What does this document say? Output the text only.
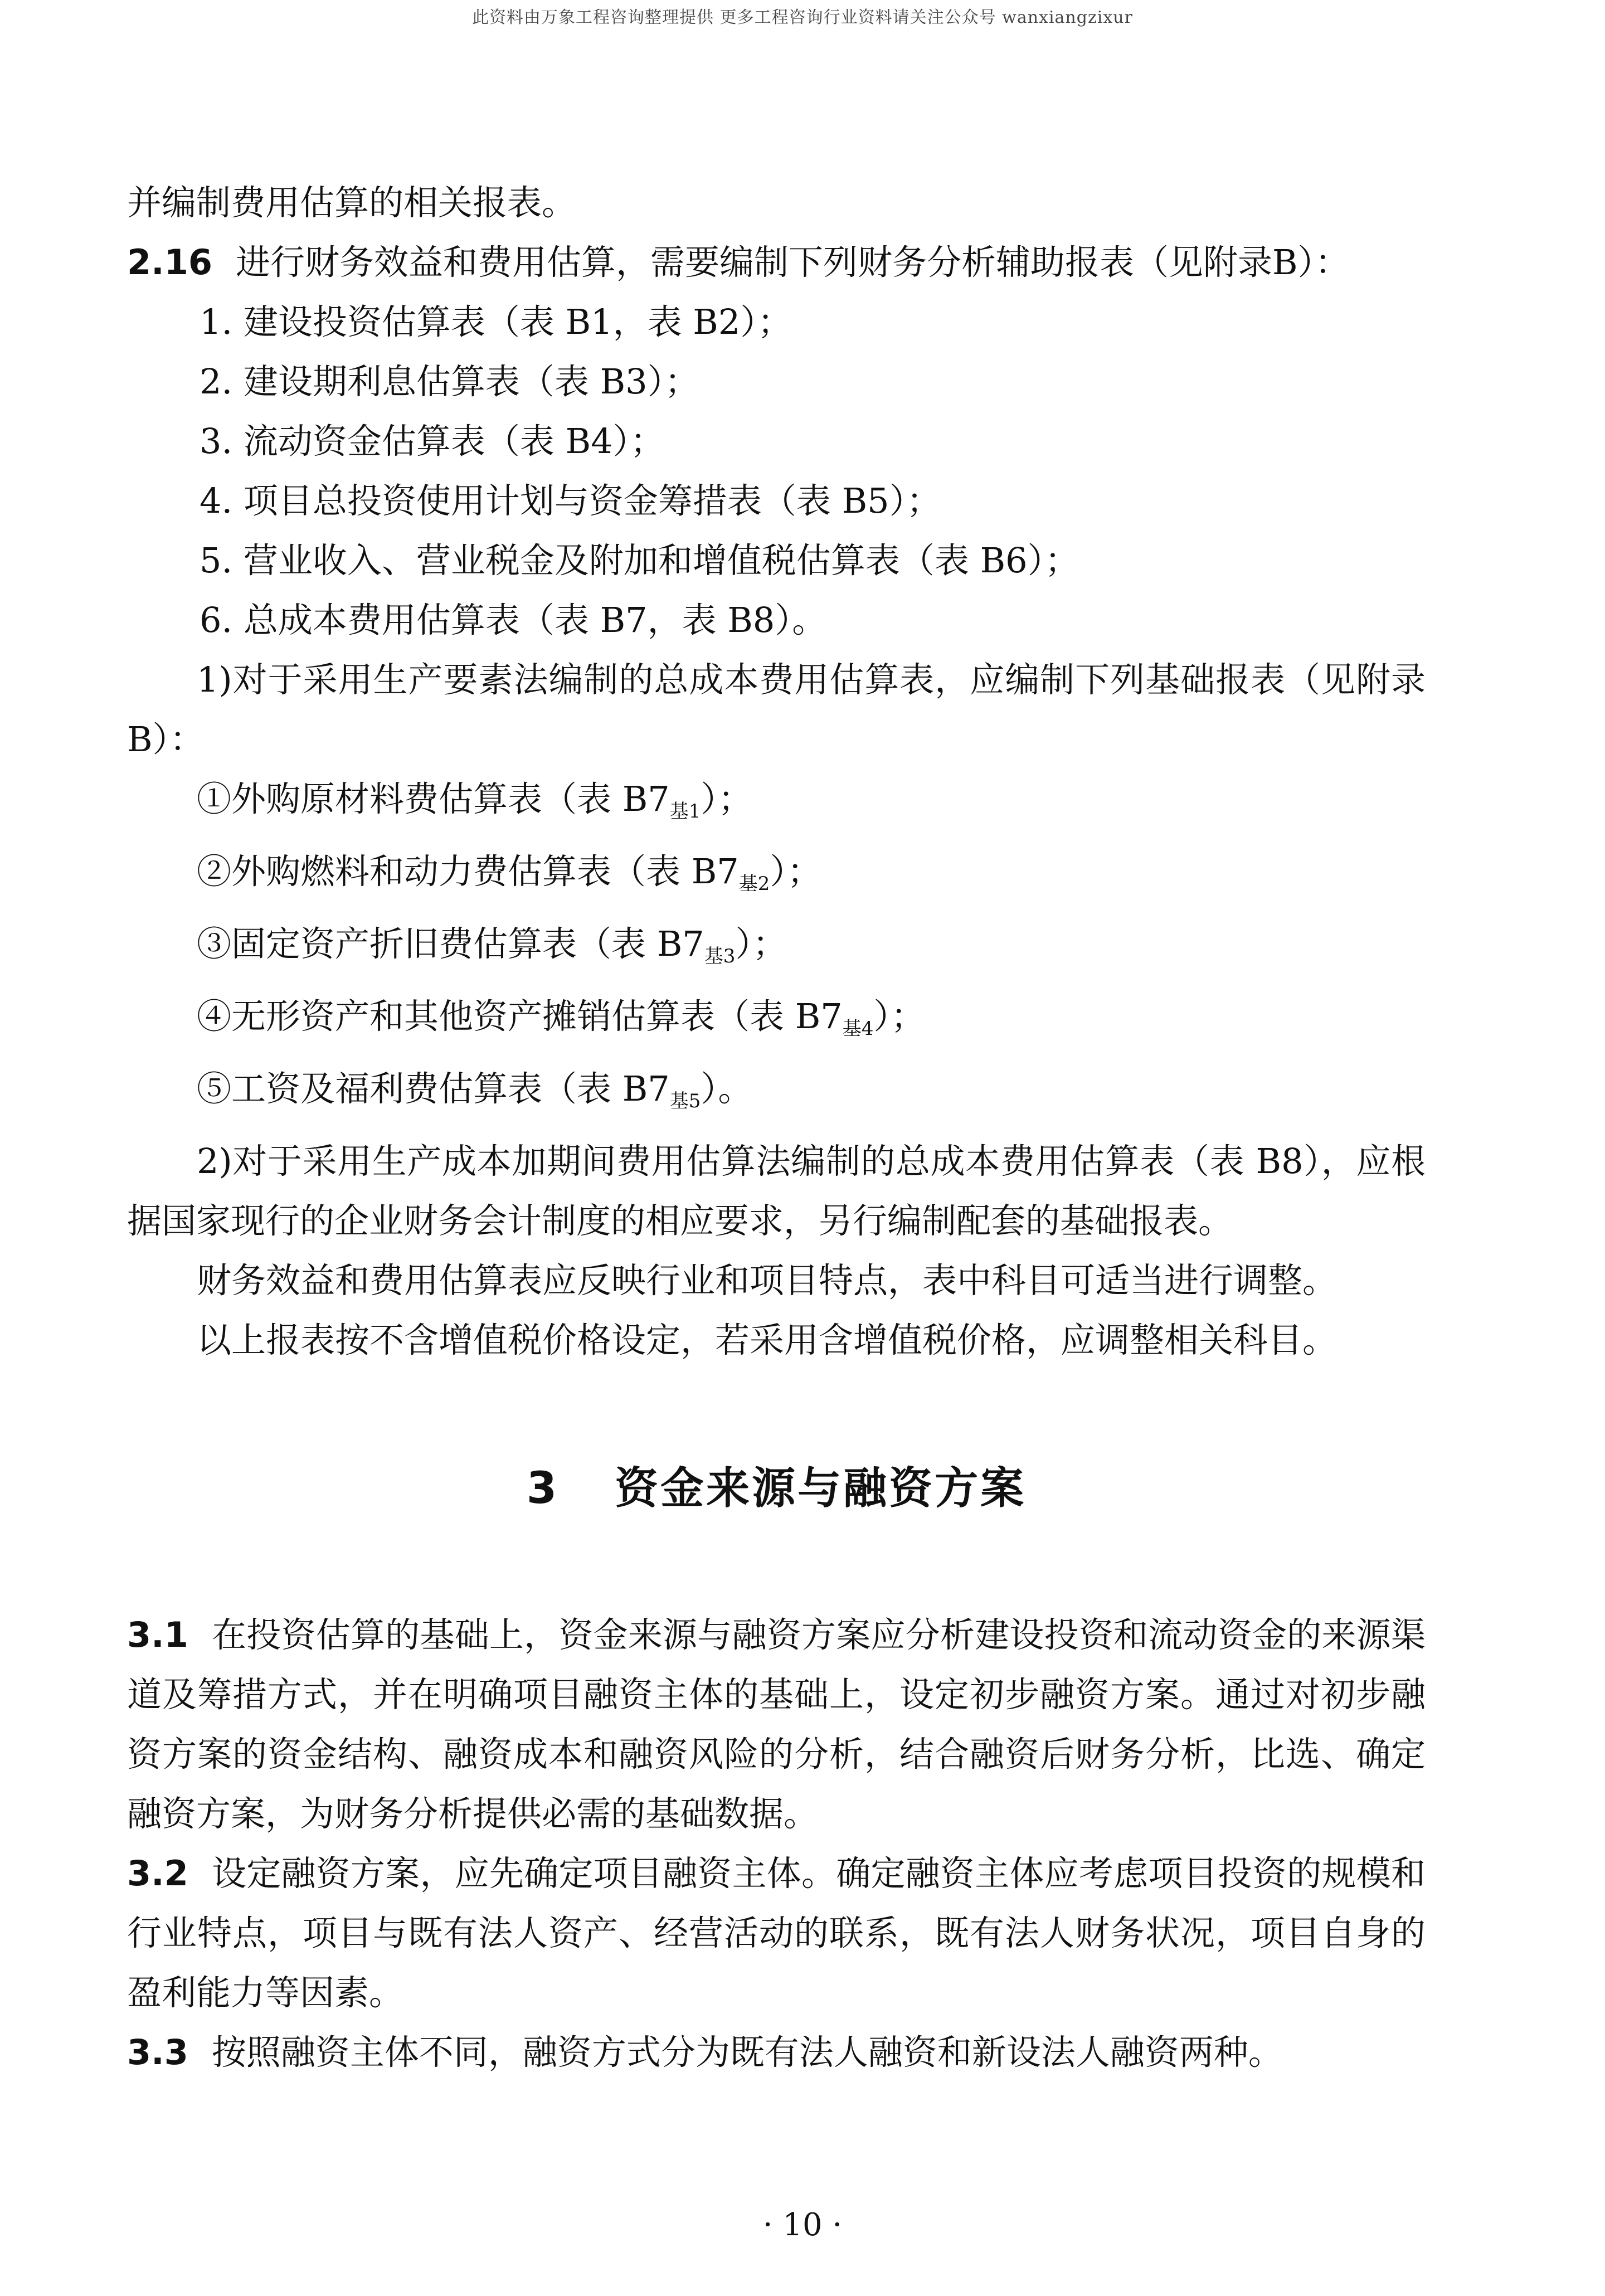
此资料由万象工程咨询整理提供 更多工程咨询行业资料请关注公众号 wanxiangzixur

并编制费用估算的相关报表。

2.16 进行财务效益和费用估算，需要编制下列财务分析辅助报表（见附录B）：

1. 建设投资估算表（表 B1，表 B2）；

2. 建设期利息估算表（表 B3）；

3. 流动资金估算表（表 B4）；

4. 项目总投资使用计划与资金筹措表（表 B5）；

5. 营业收入、营业税金及附加和增值税估算表（表 B6）；

6. 总成本费用估算表（表 B7，表 B8）。

1)对于采用生产要素法编制的总成本费用估算表，应编制下列基础报表（见附录 B）：

①外购原材料费估算表（表 $B7_{基1}$）；

②外购燃料和动力费估算表（表 $B7_{基2}$）；

③固定资产折旧费估算表（表 $B7_{基3}$）；

④无形资产和其他资产摊销估算表（表 $B7_{基4}$）；

⑤工资及福利费估算表（表 $B7_{基5}$）。

2)对于采用生产成本加期间费用估算法编制的总成本费用估算表（表 B8），应根据国家现行的企业财务会计制度的相应要求，另行编制配套的基础报表。

财务效益和费用估算表应反映行业和项目特点，表中科目可适当进行调整。

以上报表按不含增值税价格设定，若采用含增值税价格，应调整相关科目。

3 资金来源与融资方案

3.1 在投资估算的基础上，资金来源与融资方案应分析建设投资和流动资金的来源渠道及筹措方式，并在明确项目融资主体的基础上，设定初步融资方案。通过对初步融资方案的资金结构、融资成本和融资风险的分析，结合融资后财务分析，比选、确定融资方案，为财务分析提供必需的基础数据。

3.2 设定融资方案，应先确定项目融资主体。确定融资主体应考虑项目投资的规模和行业特点，项目与既有法人资产、经营活动的联系，既有法人财务状况，项目自身的盈利能力等因素。

3.3 按照融资主体不同，融资方式分为既有法人融资和新设法人融资两种。

· 10 ·
